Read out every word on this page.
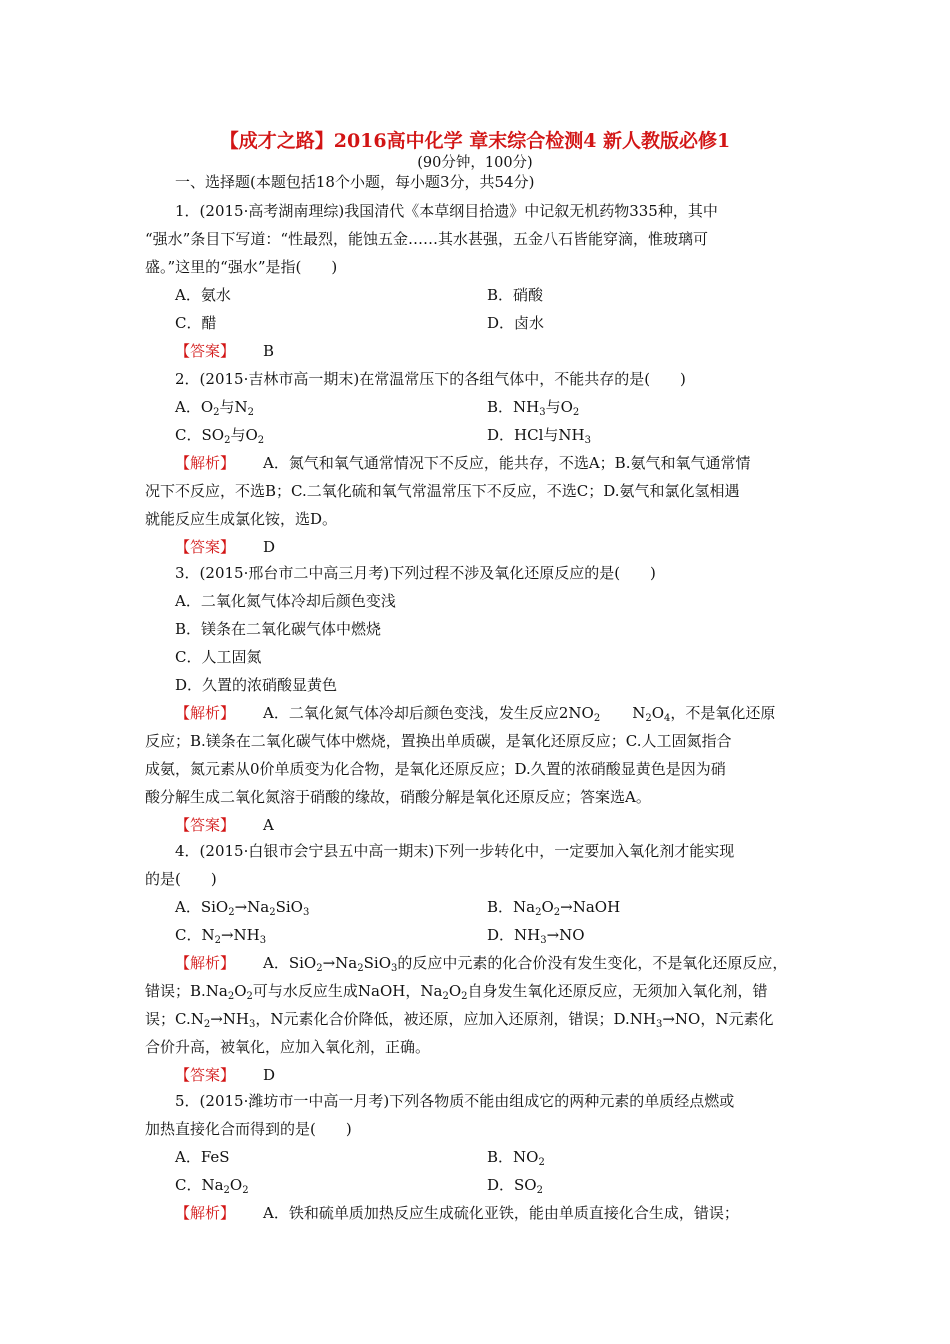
【成才之路】2016高中化学 章末综合检测4 新人教版必修1
(90分钟，100分)
一、选择题(本题包括18个小题，每小题3分，共54分)
1．(2015·高考湖南理综)我国清代《本草纲目拾遗》中记叙无机药物335种，其中
“强水”条目下写道：“性最烈，能蚀五金……其水甚强，五金八石皆能穿滴，惟玻璃可
盛。”这里的“强水”是指(　　)
A．氨水	B．硝酸
C．醋	D．卤水
【答案】 B
2．(2015·吉林市高一期末)在常温常压下的各组气体中，不能共存的是(　　)
A．$O_2$与$N_2$	B．$NH_3$与$O_2$
C．$SO_2$与$O_2$	D．HCl与$NH_3$
【解析】 A．氮气和氧气通常情况下不反应，能共存，不选A；B.氨气和氧气通常情
况下不反应，不选B；C.二氧化硫和氧气常温常压下不反应，不选C；D.氨气和氯化氢相遇
就能反应生成氯化铵，选D。
【答案】 D
3．(2015·邢台市二中高三月考)下列过程不涉及氧化还原反应的是(　　)
A．二氧化氮气体冷却后颜色变浅
B．镁条在二氧化碳气体中燃烧
C．人工固氮
D．久置的浓硝酸显黄色
【解析】 A．二氧化氮气体冷却后颜色变浅，发生反应$2NO_2$ $N_2O_4$，不是氧化还原
反应；B.镁条在二氧化碳气体中燃烧，置换出单质碳，是氧化还原反应；C.人工固氮指合
成氨，氮元素从0价单质变为化合物，是氧化还原反应；D.久置的浓硝酸显黄色是因为硝
酸分解生成二氧化氮溶于硝酸的缘故，硝酸分解是氧化还原反应；答案选A。
【答案】 A
4．(2015·白银市会宁县五中高一期末)下列一步转化中，一定要加入氧化剂才能实现
的是(　　)
A．$SiO_2\to Na_2SiO_3$	B．$Na_2O_2\to NaOH$
C．$N_2\to NH_3$	D．$NH_3\to NO$
【解析】 A．$SiO_2\to Na_2SiO_3$的反应中元素的化合价没有发生变化，不是氧化还原反应，
错误；$B.Na_2O_2$可与水反应生成NaOH，$Na_2O_2$自身发生氧化还原反应，无须加入氧化剂，错
误；$C.N_2\to NH_3$，N元素化合价降低，被还原，应加入还原剂，错误；$D.NH_3\to NO$，N元素化
合价升高，被氧化，应加入氧化剂，正确。
【答案】 D
5．(2015·潍坊市一中高一月考)下列各物质不能由组成它的两种元素的单质经点燃或
加热直接化合而得到的是(　　)
A．FeS	B．$NO_2$
C．$Na_2O_2$	D．$SO_2$
【解析】 A．铁和硫单质加热反应生成硫化亚铁，能由单质直接化合生成，错误；
